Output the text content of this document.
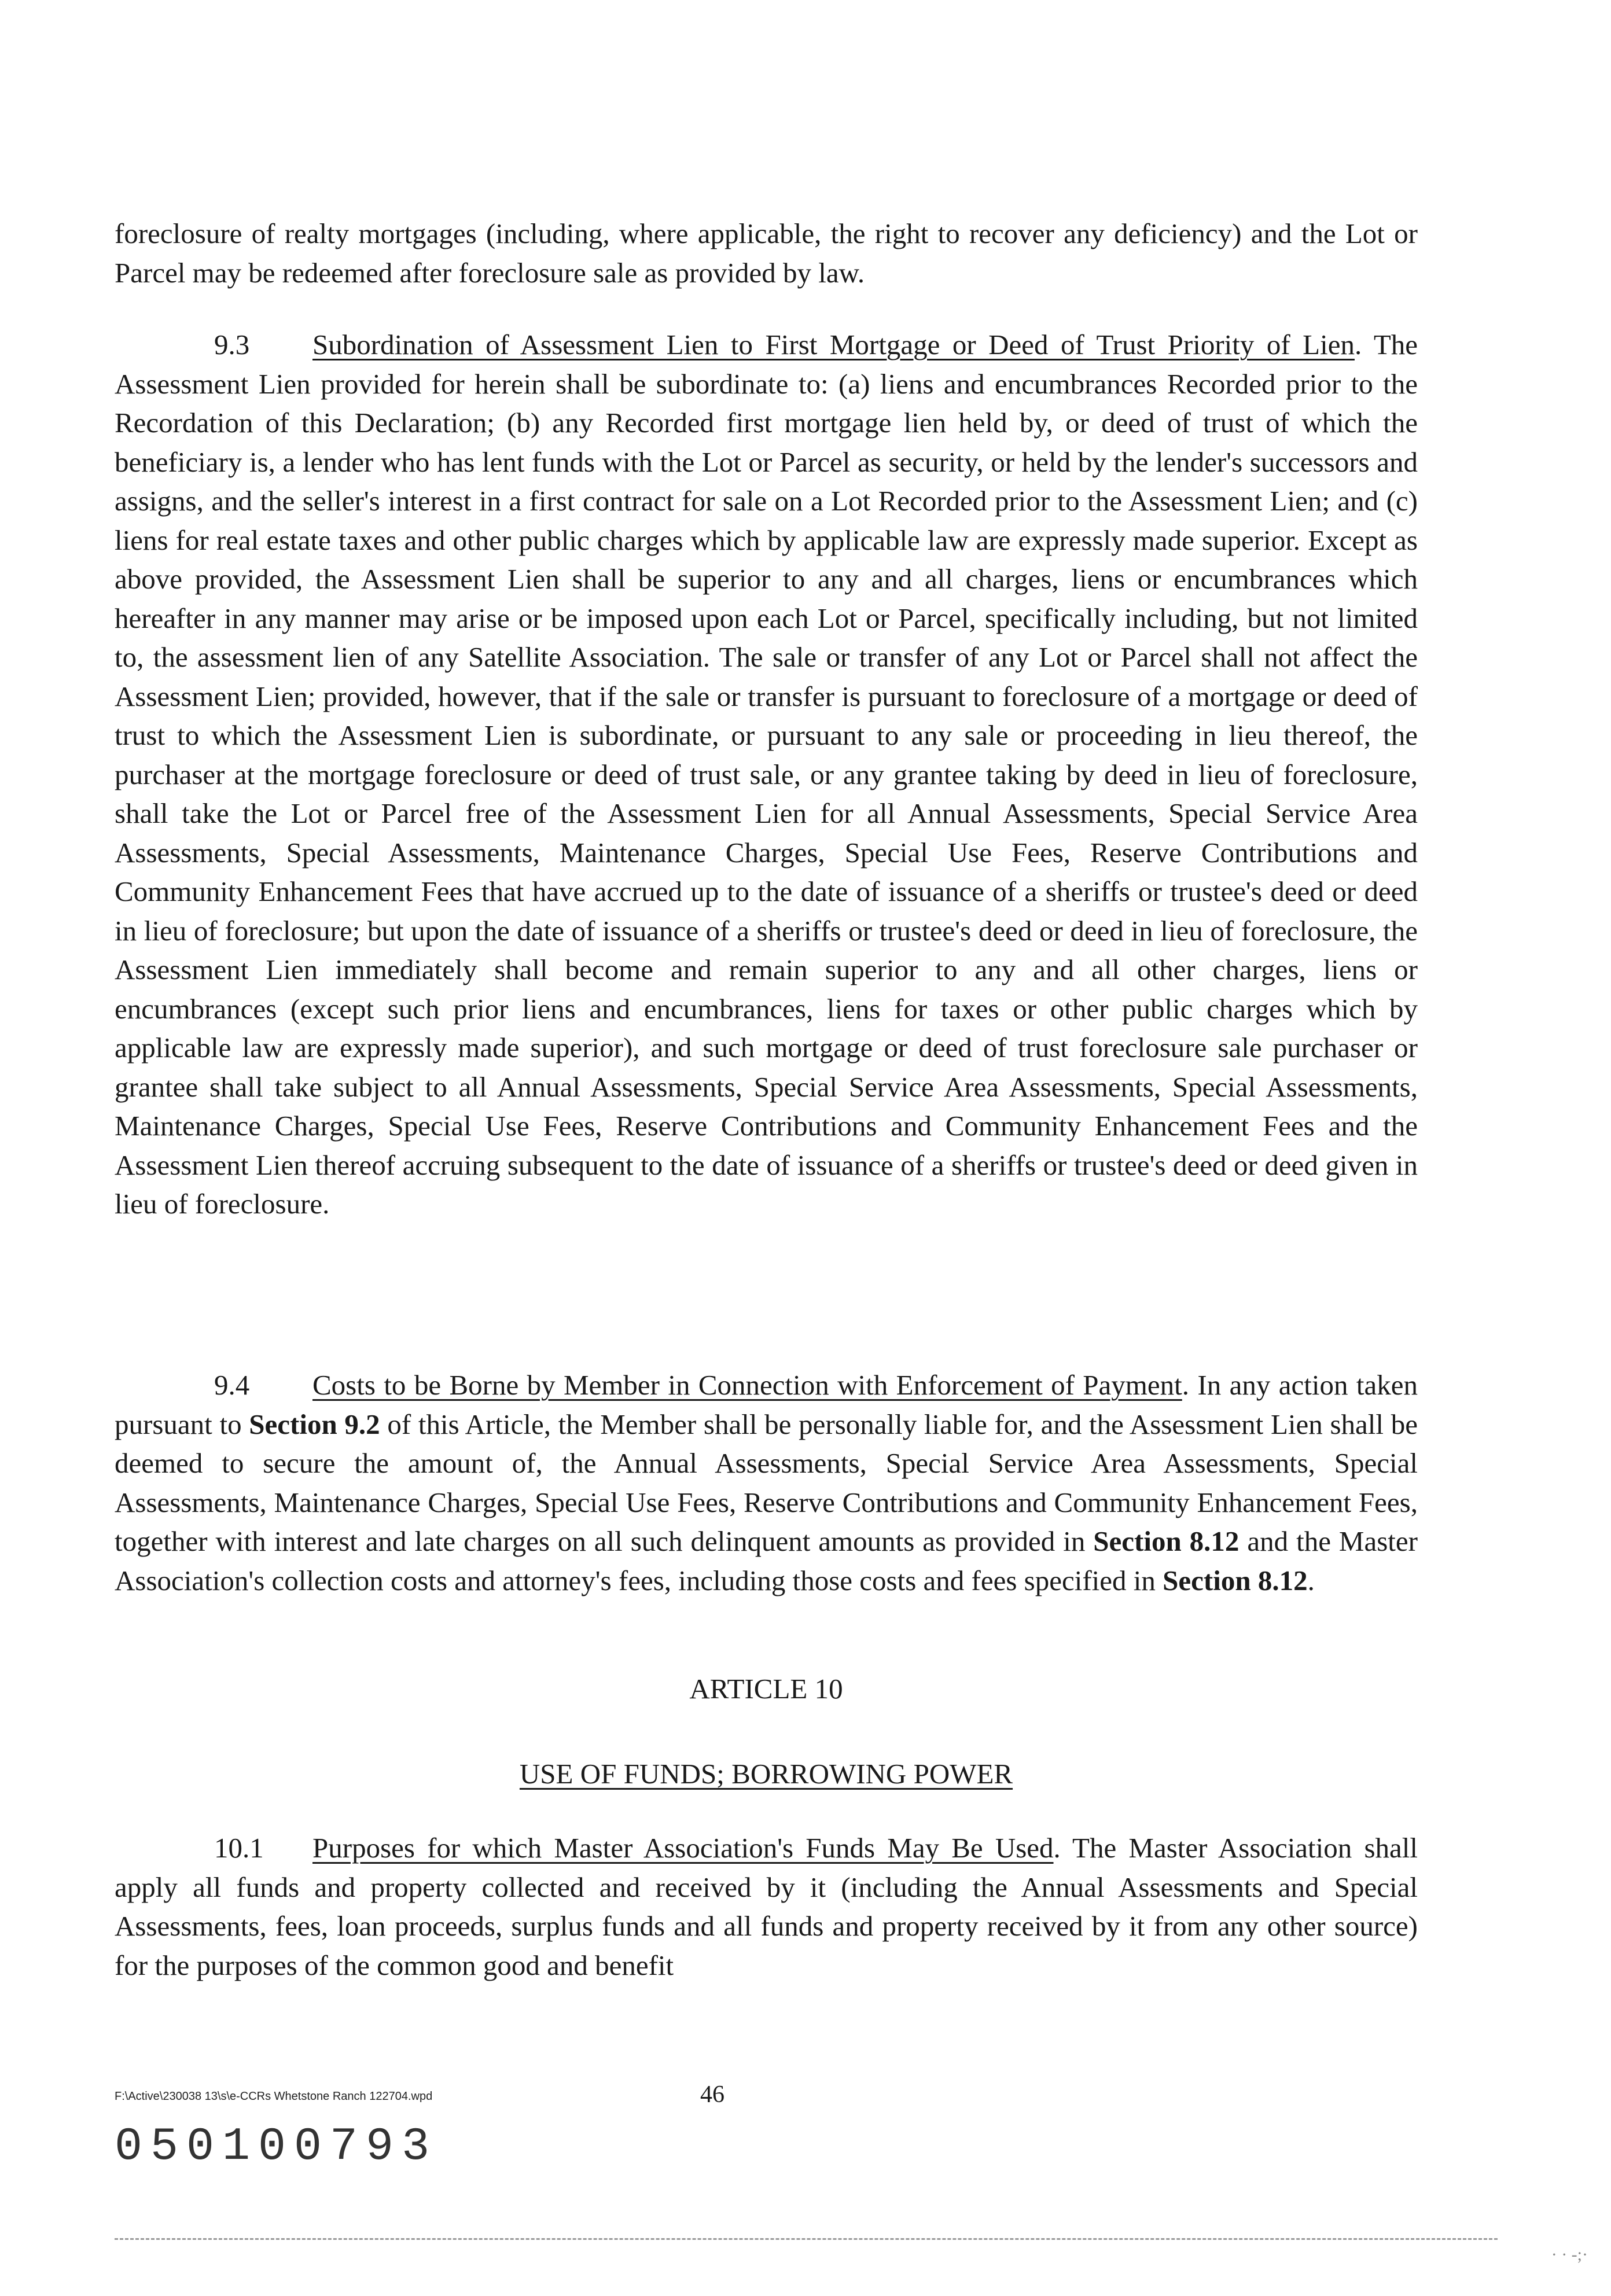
foreclosure of realty mortgages (including, where applicable, the right to recover any deficiency) and the Lot or Parcel may be redeemed after foreclosure sale as provided by law.

9.3 Subordination of Assessment Lien to First Mortgage or Deed of Trust Priority of Lien. The Assessment Lien provided for herein shall be subordinate to: (a) liens and encumbrances Recorded prior to the Recordation of this Declaration; (b) any Recorded first mortgage lien held by, or deed of trust of which the beneficiary is, a lender who has lent funds with the Lot or Parcel as security, or held by the lender's successors and assigns, and the seller's interest in a first contract for sale on a Lot Recorded prior to the Assessment Lien; and (c) liens for real estate taxes and other public charges which by applicable law are expressly made superior. Except as above provided, the Assessment Lien shall be superior to any and all charges, liens or encumbrances which hereafter in any manner may arise or be imposed upon each Lot or Parcel, specifically including, but not limited to, the assessment lien of any Satellite Association. The sale or transfer of any Lot or Parcel shall not affect the Assessment Lien; provided, however, that if the sale or transfer is pursuant to foreclosure of a mortgage or deed of trust to which the Assessment Lien is subordinate, or pursuant to any sale or proceeding in lieu thereof, the purchaser at the mortgage foreclosure or deed of trust sale, or any grantee taking by deed in lieu of foreclosure, shall take the Lot or Parcel free of the Assessment Lien for all Annual Assessments, Special Service Area Assessments, Special Assessments, Maintenance Charges, Special Use Fees, Reserve Contributions and Community Enhancement Fees that have accrued up to the date of issuance of a sheriffs or trustee's deed or deed in lieu of foreclosure; but upon the date of issuance of a sheriffs or trustee's deed or deed in lieu of foreclosure, the Assessment Lien immediately shall become and remain superior to any and all other charges, liens or encumbrances (except such prior liens and encumbrances, liens for taxes or other public charges which by applicable law are expressly made superior), and such mortgage or deed of trust foreclosure sale purchaser or grantee shall take subject to all Annual Assessments, Special Service Area Assessments, Special Assessments, Maintenance Charges, Special Use Fees, Reserve Contributions and Community Enhancement Fees and the Assessment Lien thereof accruing subsequent to the date of issuance of a sheriffs or trustee's deed or deed given in lieu of foreclosure.

9.4 Costs to be Borne by Member in Connection with Enforcement of Payment. In any action taken pursuant to Section 9.2 of this Article, the Member shall be personally liable for, and the Assessment Lien shall be deemed to secure the amount of, the Annual Assessments, Special Service Area Assessments, Special Assessments, Maintenance Charges, Special Use Fees, Reserve Contributions and Community Enhancement Fees, together with interest and late charges on all such delinquent amounts as provided in Section 8.12 and the Master Association's collection costs and attorney's fees, including those costs and fees specified in Section 8.12.

ARTICLE 10

USE OF FUNDS; BORROWING POWER

10.1 Purposes for which Master Association's Funds May Be Used. The Master Association shall apply all funds and property collected and received by it (including the Annual Assessments and Special Assessments, fees, loan proceeds, surplus funds and all funds and property received by it from any other source) for the purposes of the common good and benefit

F:\Active\230038 13\s\e-CCRs Whetstone Ranch 122704.wpd	46

050100793

· · -;·
